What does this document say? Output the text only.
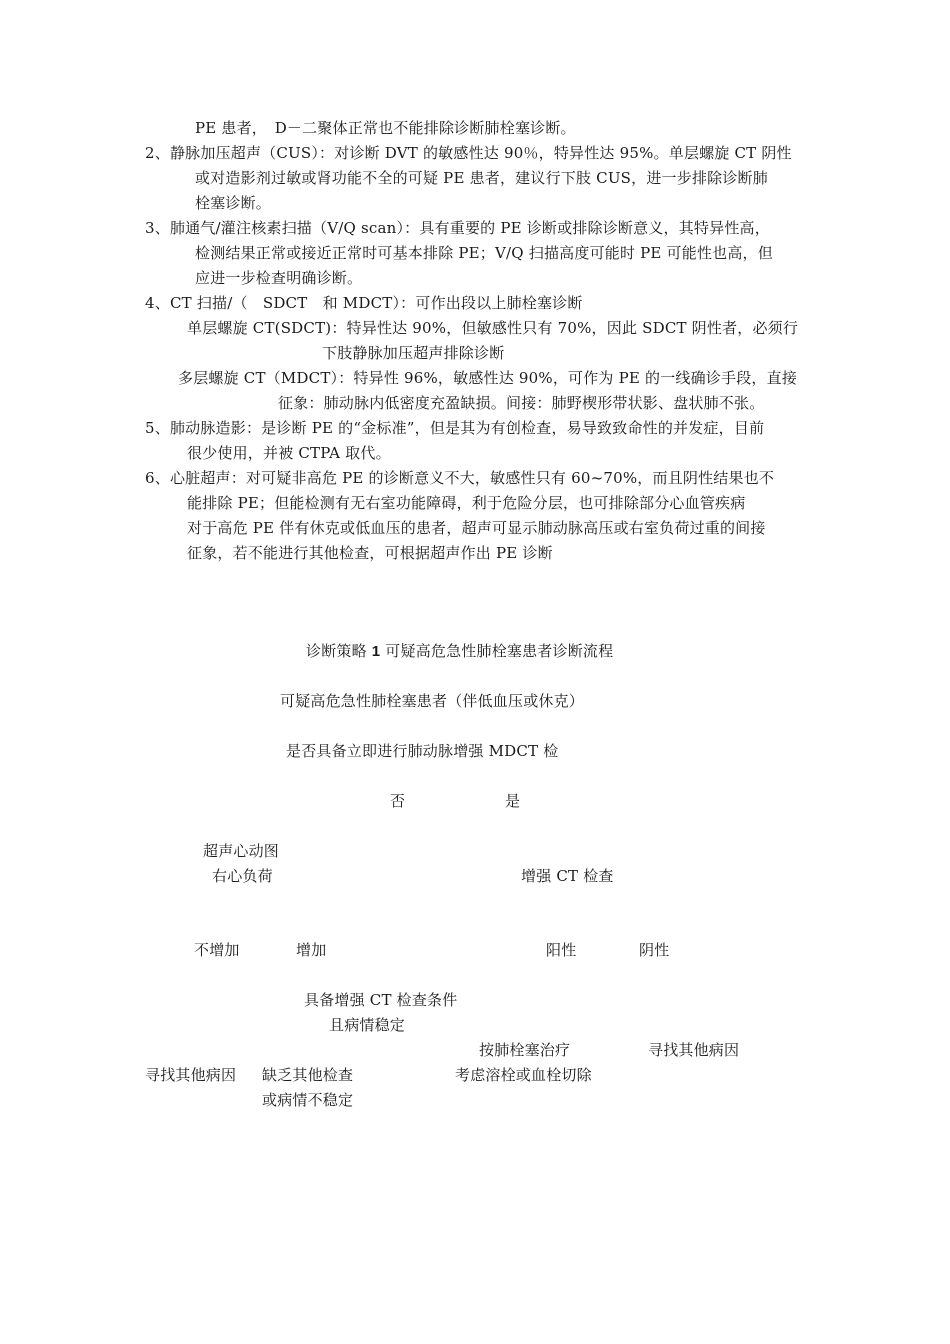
PE 患者，　D－二聚体正常也不能排除诊断肺栓塞诊断。
2、静脉加压超声（CUS）：对诊断 DVT 的敏感性达 90％，特异性达 95%。单层螺旋 CT 阴性
或对造影剂过敏或肾功能不全的可疑 PE 患者，建议行下肢 CUS，进一步排除诊断肺
栓塞诊断。
3、肺通气/灌注核素扫描（V/Q scan）：具有重要的 PE 诊断或排除诊断意义，其特异性高，
检测结果正常或接近正常时可基本排除 PE；V/Q 扫描高度可能时 PE 可能性也高，但
应进一步检查明确诊断。
4、CT 扫描/（　SDCT　和 MDCT）：可作出段以上肺栓塞诊断
单层螺旋 CT(SDCT)：特异性达 90%，但敏感性只有 70%，因此 SDCT 阴性者，必须行
下肢静脉加压超声排除诊断
多层螺旋 CT（MDCT）：特异性 96%，敏感性达 90%，可作为 PE 的一线确诊手段，直接
征象：肺动脉内低密度充盈缺损。间接：肺野楔形带状影、盘状肺不张。
5、肺动脉造影：是诊断 PE 的“金标准”，但是其为有创检查，易导致致命性的并发症，目前
很少使用，并被 CTPA 取代。
6、心脏超声：对可疑非高危 PE 的诊断意义不大，敏感性只有 60~70%，而且阴性结果也不
能排除 PE；但能检测有无右室功能障碍，利于危险分层，也可排除部分心血管疾病
对于高危 PE 伴有休克或低血压的患者，超声可显示肺动脉高压或右室负荷过重的间接
征象，若不能进行其他检查，可根据超声作出 PE 诊断
诊断策略 1 可疑高危急性肺栓塞患者诊断流程
可疑高危急性肺栓塞患者（伴低血压或休克）
是否具备立即进行肺动脉增强 MDCT 检
否	是
超声心动图
右心负荷	增强 CT 检查
不增加	增加	阳性	阴性
具备增强 CT 检查条件
且病情稳定
按肺栓塞治疗	寻找其他病因
寻找其他病因 缺乏其他检查	考虑溶栓或血栓切除
或病情不稳定
